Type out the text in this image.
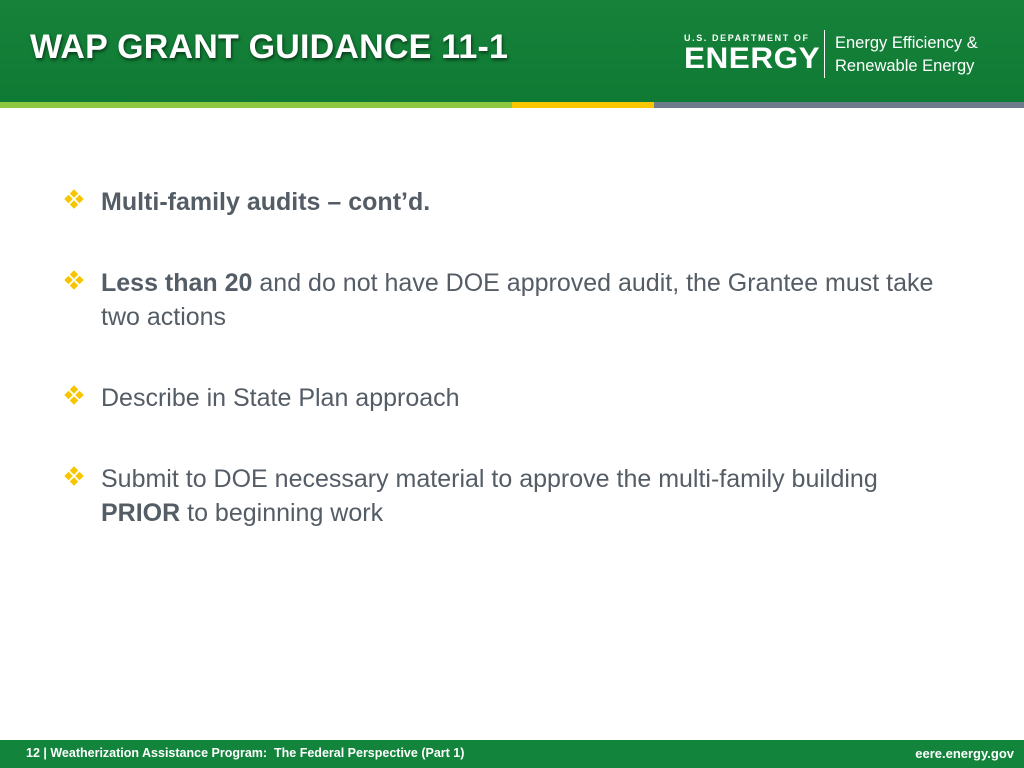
WAP GRANT GUIDANCE 11-1	U.S. DEPARTMENT OF
ENERGY Energy Efficiency &
Renewable Energy
Multi-family audits – cont’d.
Less than 20 and do not have DOE approved audit, the Grantee must take two actions
Describe in State Plan approach
Submit to DOE necessary material to approve the multi-family building PRIOR to beginning work
12 | Weatherization Assistance Program:  The Federal Perspective (Part 1)	eere.energy.gov
